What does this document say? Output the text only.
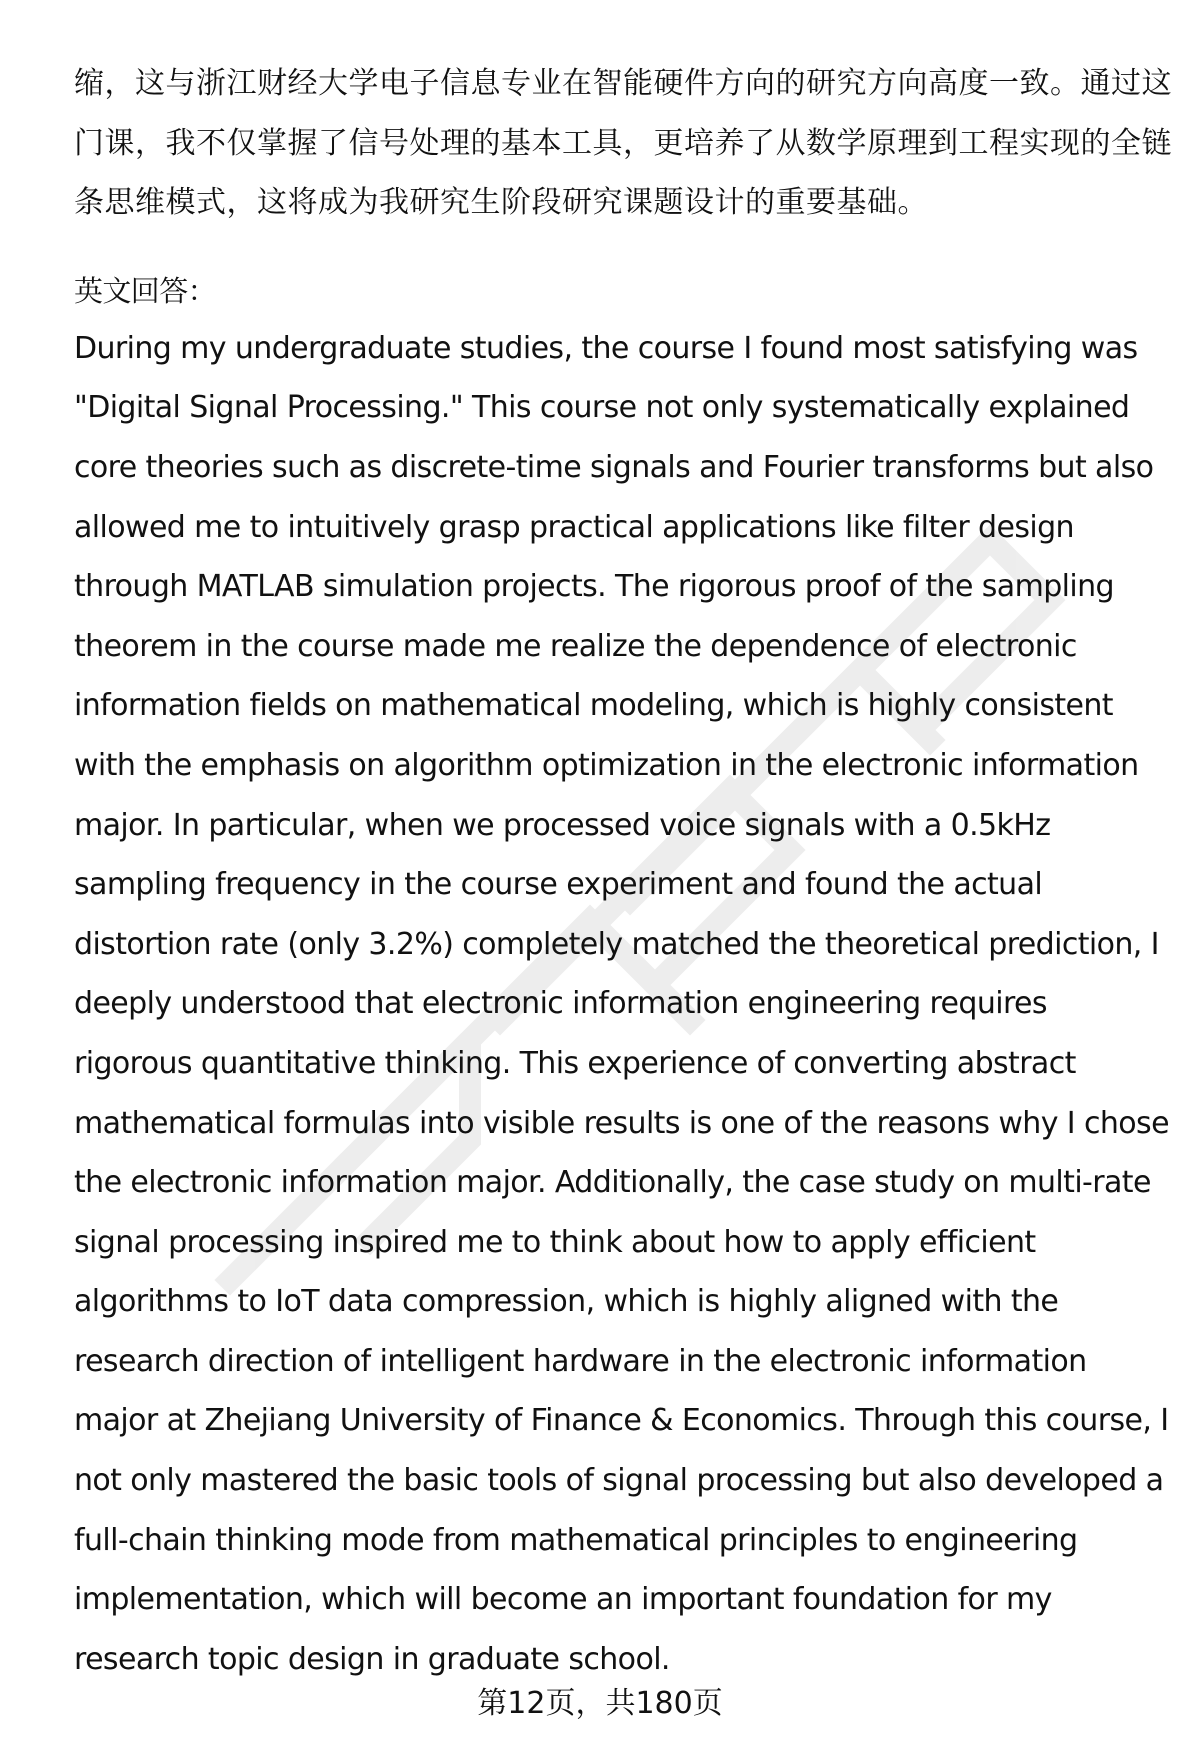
缩，这与浙江财经大学电子信息专业在智能硬件方向的研究方向高度一致。通过这
门课，我不仅掌握了信号处理的基本工具，更培养了从数学原理到工程实现的全链
条思维模式，这将成为我研究生阶段研究课题设计的重要基础。
英文回答：
During my undergraduate studies, the course I found most satisfying was
"Digital Signal Processing." This course not only systematically explained
core theories such as discrete-time signals and Fourier transforms but also
allowed me to intuitively grasp practical applications like filter design
through MATLAB simulation projects. The rigorous proof of the sampling
theorem in the course made me realize the dependence of electronic
information fields on mathematical modeling, which is highly consistent
with the emphasis on algorithm optimization in the electronic information
major. In particular, when we processed voice signals with a 0.5kHz
sampling frequency in the course experiment and found the actual
distortion rate (only 3.2%) completely matched the theoretical prediction, I
deeply understood that electronic information engineering requires
rigorous quantitative thinking. This experience of converting abstract
mathematical formulas into visible results is one of the reasons why I chose
the electronic information major. Additionally, the case study on multi-rate
signal processing inspired me to think about how to apply efficient
algorithms to IoT data compression, which is highly aligned with the
research direction of intelligent hardware in the electronic information
major at Zhejiang University of Finance & Economics. Through this course, I
not only mastered the basic tools of signal processing but also developed a
full-chain thinking mode from mathematical principles to engineering
implementation, which will become an important foundation for my
research topic design in graduate school.
第12页，共180页
